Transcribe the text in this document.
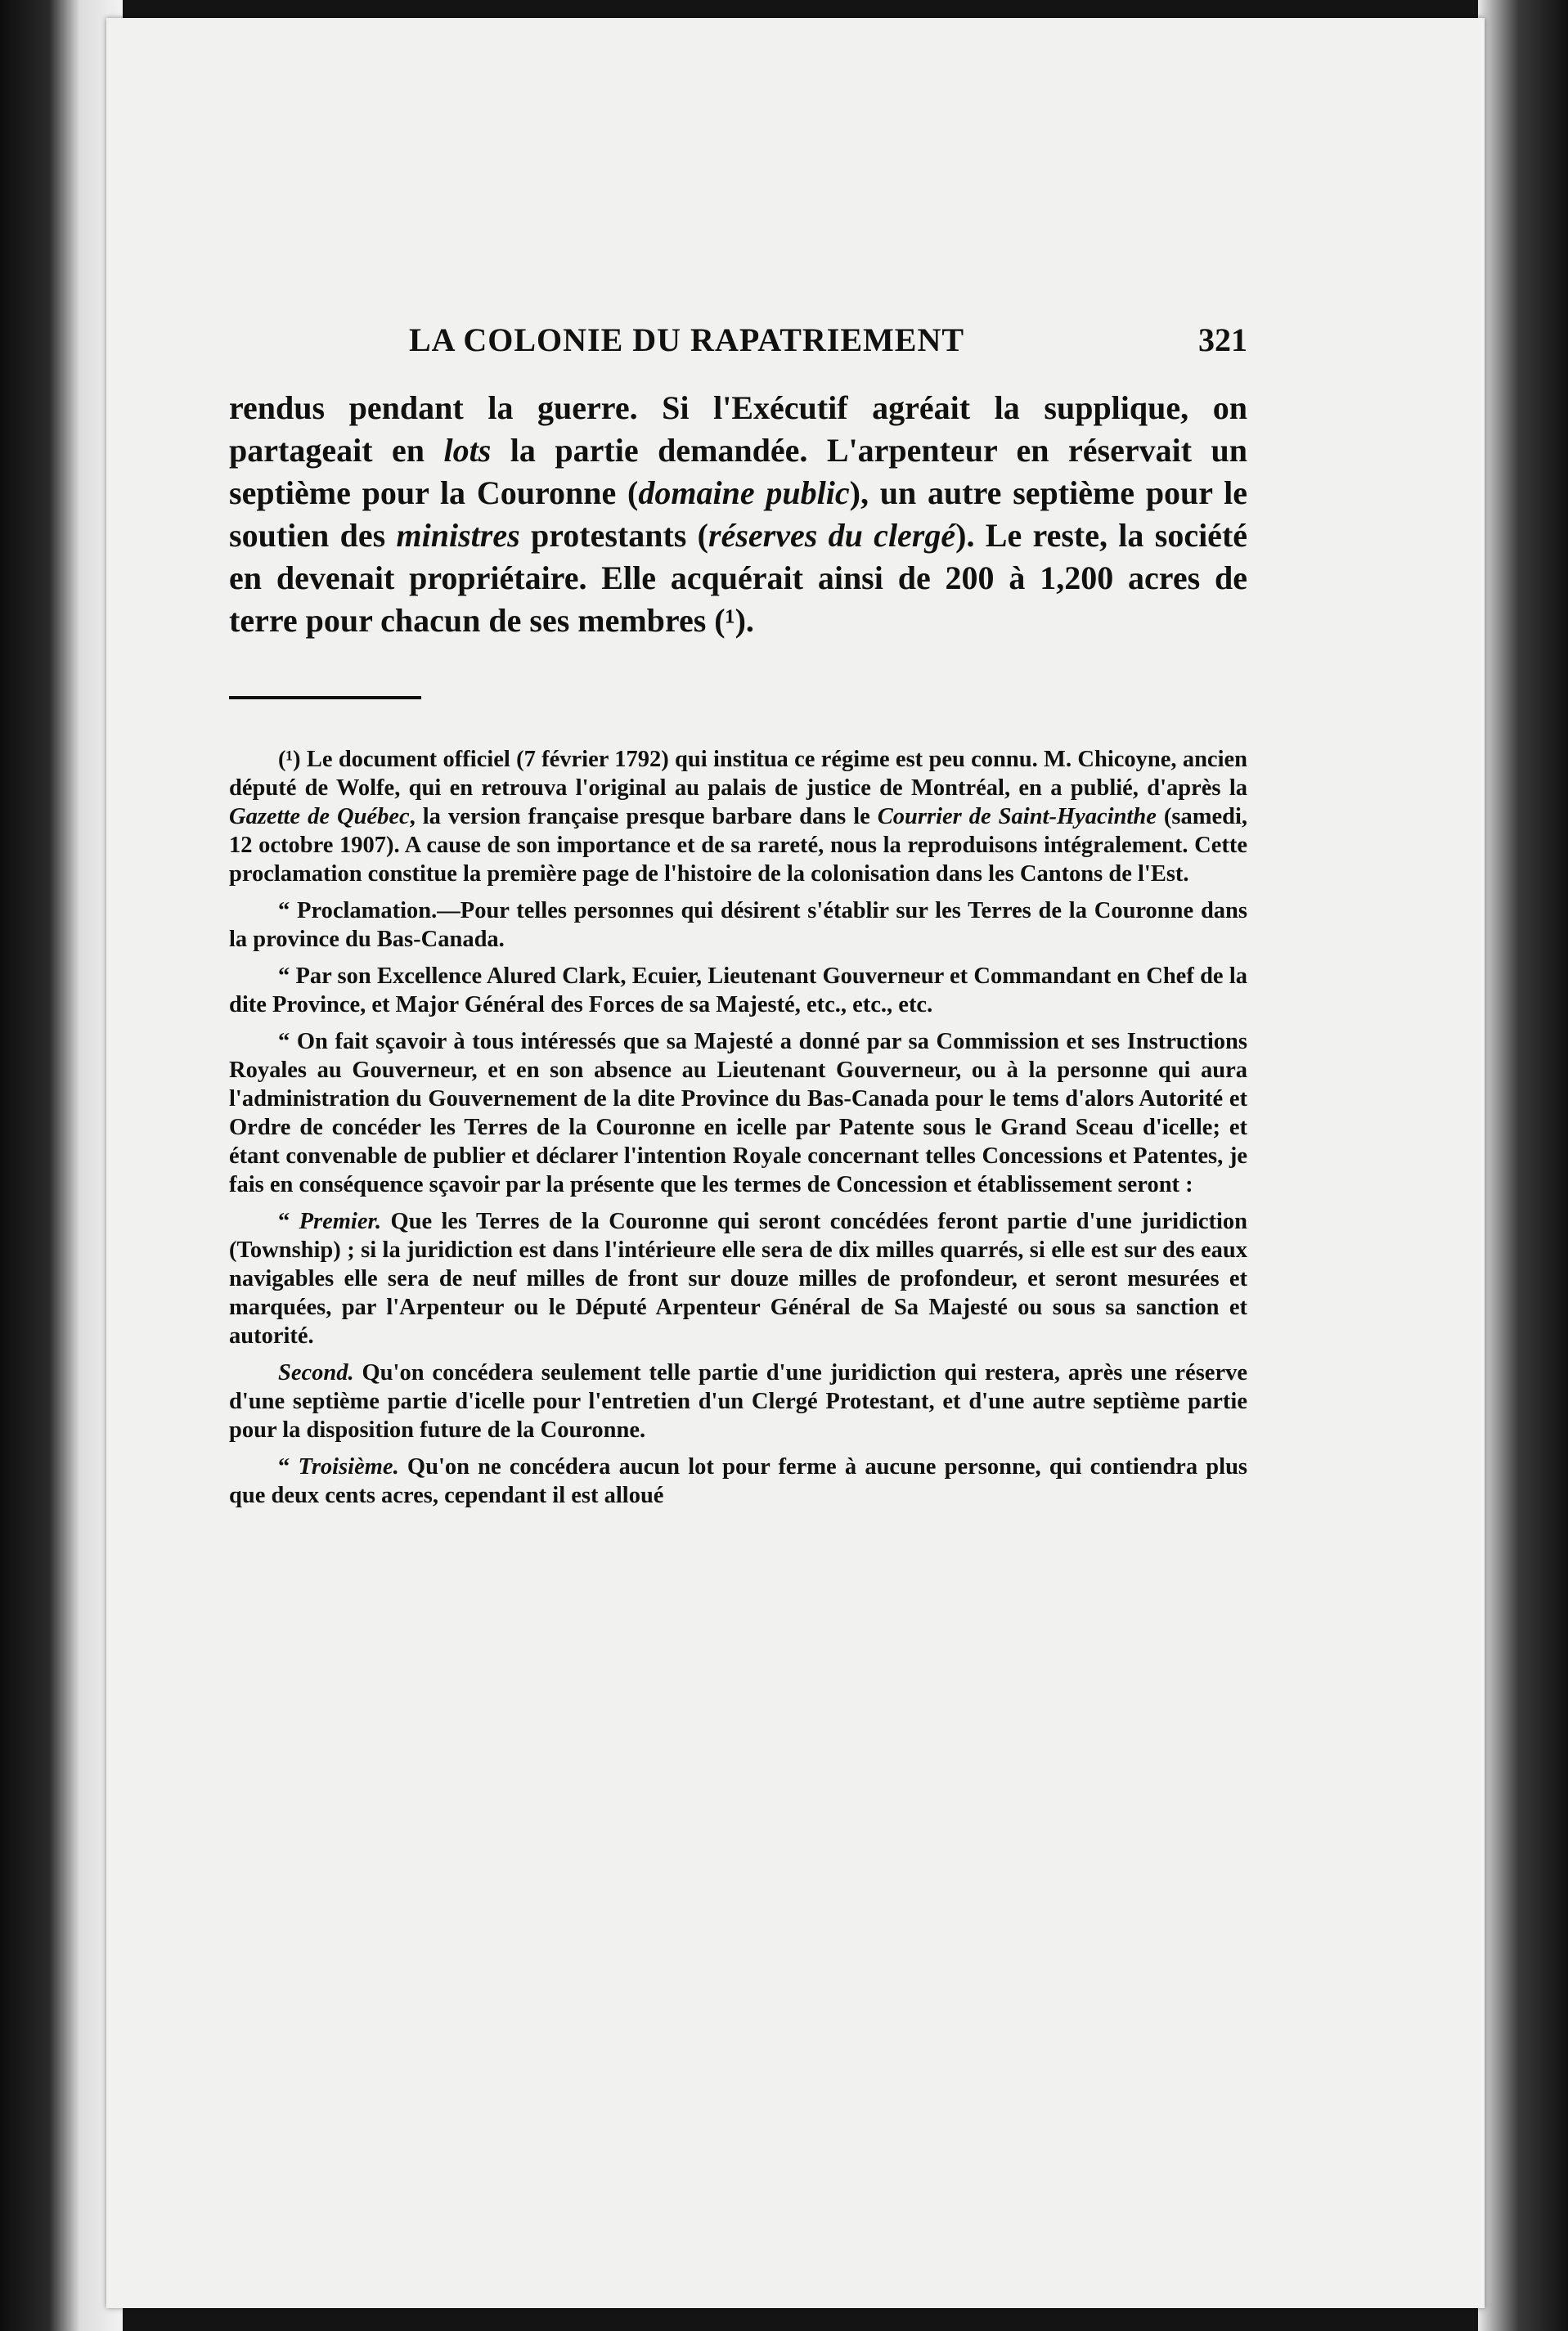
LA COLONIE DU RAPATRIEMENT	321

rendus pendant la guerre. Si l'Exécutif agréait la supplique, on partageait en lots la partie demandée. L'arpenteur en réservait un septième pour la Couronne (domaine public), un autre septième pour le soutien des ministres protestants (réserves du clergé). Le reste, la société en devenait propriétaire. Elle acquérait ainsi de 200 à 1,200 acres de terre pour chacun de ses membres (¹).

(¹) Le document officiel (7 février 1792) qui institua ce régime est peu connu. M. Chicoyne, ancien député de Wolfe, qui en retrouva l'original au palais de justice de Montréal, en a publié, d'après la Gazette de Québec, la version française presque barbare dans le Courrier de Saint-Hyacinthe (samedi, 12 octobre 1907). A cause de son importance et de sa rareté, nous la reproduisons intégralement. Cette proclamation constitue la première page de l'histoire de la colonisation dans les Cantons de l'Est.

“ Proclamation.—Pour telles personnes qui désirent s'établir sur les Terres de la Couronne dans la province du Bas-Canada.

“ Par son Excellence Alured Clark, Ecuier, Lieutenant Gouverneur et Commandant en Chef de la dite Province, et Major Général des Forces de sa Majesté, etc., etc., etc.

“ On fait sçavoir à tous intéressés que sa Majesté a donné par sa Commission et ses Instructions Royales au Gouverneur, et en son absence au Lieutenant Gouverneur, ou à la personne qui aura l'administration du Gouvernement de la dite Province du Bas-Canada pour le tems d'alors Autorité et Ordre de concéder les Terres de la Couronne en icelle par Patente sous le Grand Sceau d'icelle; et étant convenable de publier et déclarer l'intention Royale concernant telles Concessions et Patentes, je fais en conséquence sçavoir par la présente que les termes de Concession et établissement seront :

“ Premier. Que les Terres de la Couronne qui seront concédées feront partie d'une juridiction (Township) ; si la juridiction est dans l'intérieure elle sera de dix milles quarrés, si elle est sur des eaux navigables elle sera de neuf milles de front sur douze milles de profondeur, et seront mesurées et marquées, par l'Arpenteur ou le Député Arpenteur Général de Sa Majesté ou sous sa sanction et autorité.

Second. Qu'on concédera seulement telle partie d'une juridiction qui restera, après une réserve d'une septième partie d'icelle pour l'entretien d'un Clergé Protestant, et d'une autre septième partie pour la disposition future de la Couronne.

“ Troisième. Qu'on ne concédera aucun lot pour ferme à aucune personne, qui contiendra plus que deux cents acres, cependant il est alloué
